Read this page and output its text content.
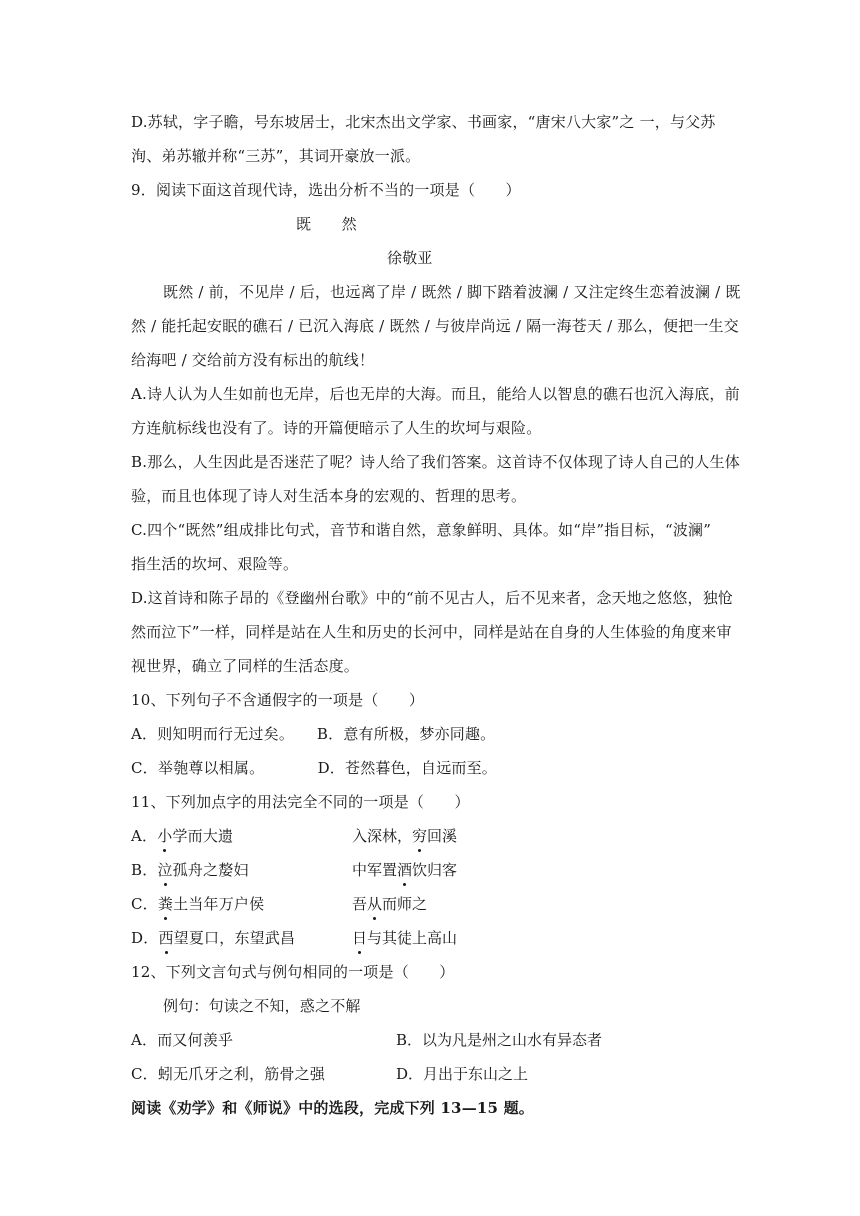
D.苏轼，字子瞻，号东坡居士，北宋杰出文学家、书画家，“唐宋八大家”之 一，与父苏
洵、弟苏辙并称“三苏”，其词开豪放一派。
9．阅读下面这首现代诗，选出分析不当的一项是（　　）
既　　然
徐敬亚
既然 / 前，不见岸 / 后，也远离了岸 / 既然 / 脚下踏着波澜 / 又注定终生恋着波澜 / 既
然 / 能托起安眠的礁石 / 已沉入海底 / 既然 / 与彼岸尚远 / 隔一海苍天 / 那么，便把一生交
给海吧 / 交给前方没有标出的航线！
A.诗人认为人生如前也无岸，后也无岸的大海。而且，能给人以智息的礁石也沉入海底，前
方连航标线也没有了。诗的开篇便暗示了人生的坎坷与艰险。
B.那么，人生因此是否迷茫了呢？诗人给了我们答案。这首诗不仅体现了诗人自己的人生体
验，而且也体现了诗人对生活本身的宏观的、哲理的思考。
C.四个“既然”组成排比句式，音节和谐自然，意象鲜明、具体。如“岸”指目标，“波澜”
指生活的坎坷、艰险等。
D.这首诗和陈子昂的《登幽州台歌》中的“前不见古人，后不见来者，念天地之悠悠，独怆
然而泣下”一样，同样是站在人生和历史的长河中，同样是站在自身的人生体验的角度来审
视世界，确立了同样的生活态度。
10、下列句子不含通假字的一项是（　　）
A．则知明而行无过矣。　　B．意有所极，梦亦同趣。
C．举匏尊以相属。　　　　D．苍然暮色，自远而至。
11、下列加点字的用法完全不同的一项是（　　）
A．小学而大遗	入深林，穷回溪
B．泣孤舟之嫠妇	中军置酒饮归客
C．粪土当年万户侯	吾从而师之
D．西望夏口，东望武昌	日与其徒上高山
12、下列文言句式与例句相同的一项是（　　）
例句：句读之不知，惑之不解
A．而又何羡乎	B．以为凡是州之山水有异态者
C．蚓无爪牙之利，筋骨之强	D．月出于东山之上
阅读《劝学》和《师说》中的选段，完成下列 13—15 题。
